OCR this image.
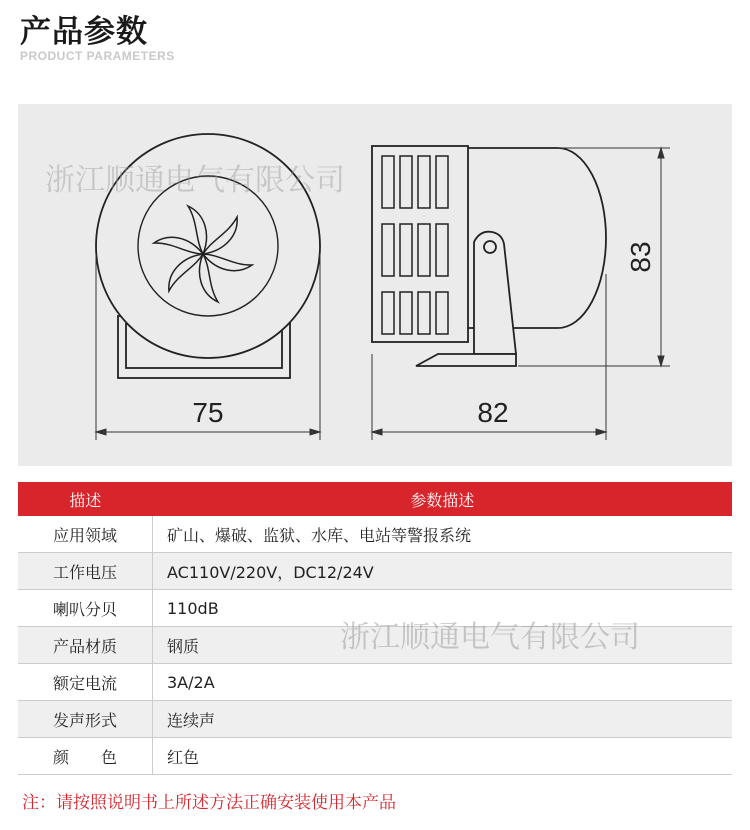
产品参数
PRODUCT PARAMETERS
75	82
83
浙江顺通电气有限公司
描述	参数描述
应用领域	矿山、爆破、监狱、水库、电站等警报系统
工作电压	AC110V/220V，DC12/24V
喇叭分贝	110dB
产品材质	钢质
额定电流	3A/2A
发声形式	连续声
颜　　色	红色
浙江顺通电气有限公司
注：请按照说明书上所述方法正确安装使用本产品
